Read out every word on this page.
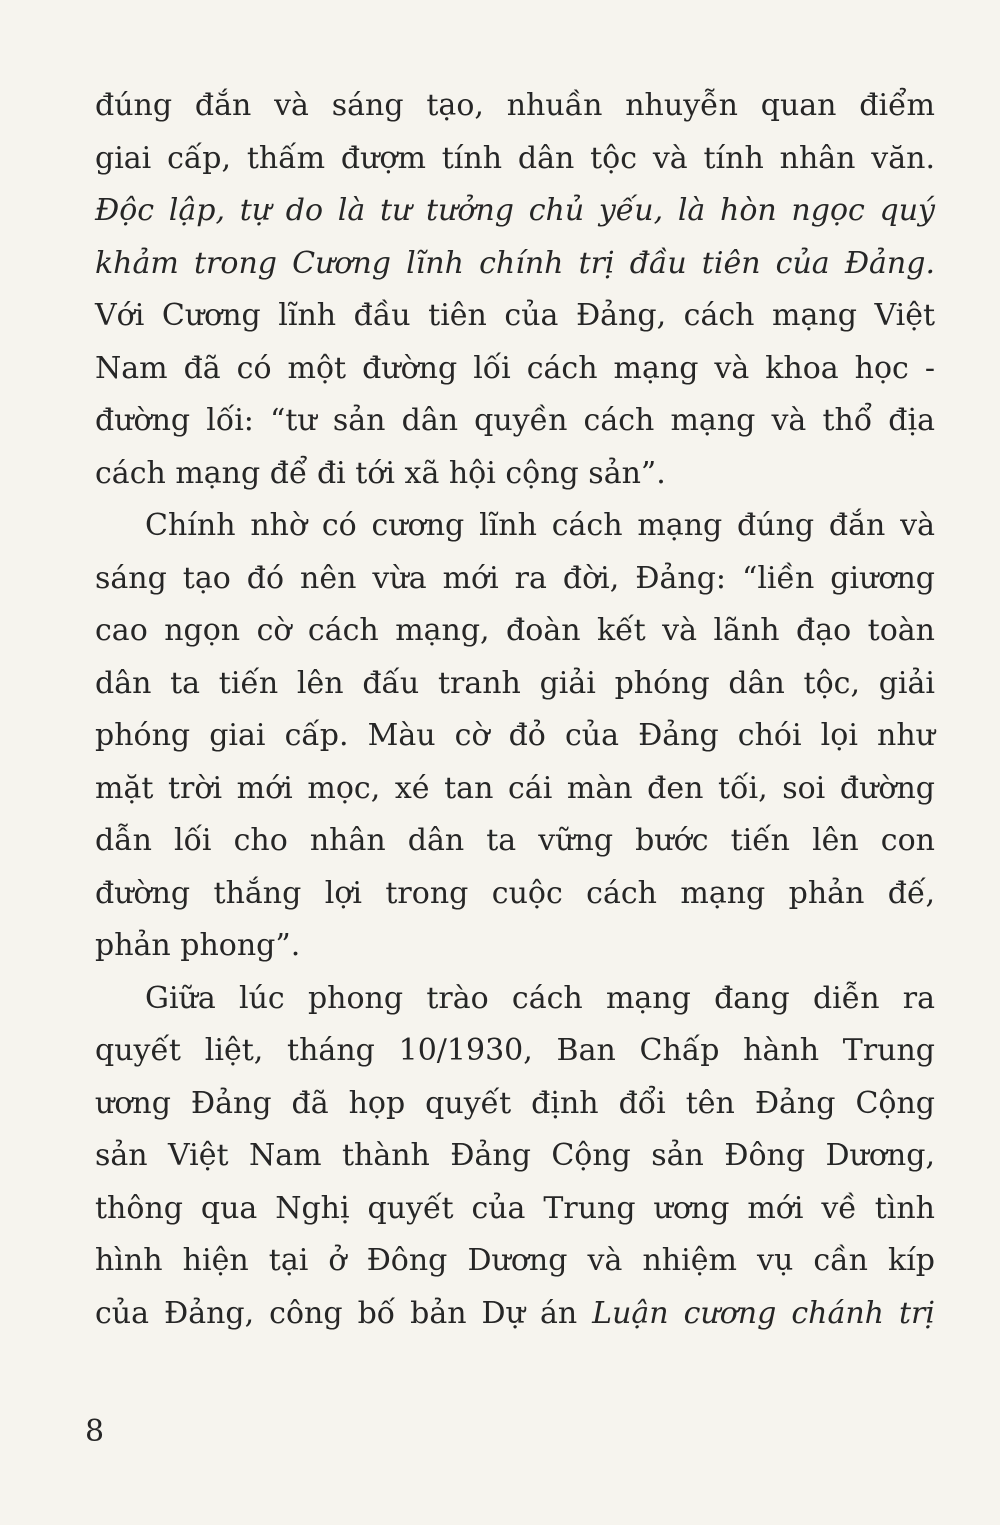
đúng đắn và sáng tạo, nhuần nhuyễn quan điểm
giai cấp, thấm đượm tính dân tộc và tính nhân văn.
Độc lập, tự do là tư tưởng chủ yếu, là hòn ngọc quý
khảm trong Cương lĩnh chính trị đầu tiên của Đảng.
Với Cương lĩnh đầu tiên của Đảng, cách mạng Việt
Nam đã có một đường lối cách mạng và khoa học -
đường lối: “tư sản dân quyền cách mạng và thổ địa
cách mạng để đi tới xã hội cộng sản”.
Chính nhờ có cương lĩnh cách mạng đúng đắn và
sáng tạo đó nên vừa mới ra đời, Đảng: “liền giương
cao ngọn cờ cách mạng, đoàn kết và lãnh đạo toàn
dân ta tiến lên đấu tranh giải phóng dân tộc, giải
phóng giai cấp. Màu cờ đỏ của Đảng chói lọi như
mặt trời mới mọc, xé tan cái màn đen tối, soi đường
dẫn lối cho nhân dân ta vững bước tiến lên con
đường thắng lợi trong cuộc cách mạng phản đế,
phản phong”.
Giữa lúc phong trào cách mạng đang diễn ra
quyết liệt, tháng 10/1930, Ban Chấp hành Trung
ương Đảng đã họp quyết định đổi tên Đảng Cộng
sản Việt Nam thành Đảng Cộng sản Đông Dương,
thông qua Nghị quyết của Trung ương mới về tình
hình hiện tại ở Đông Dương và nhiệm vụ cần kíp
của Đảng, công bố bản Dự án Luận cương chánh trị
8
